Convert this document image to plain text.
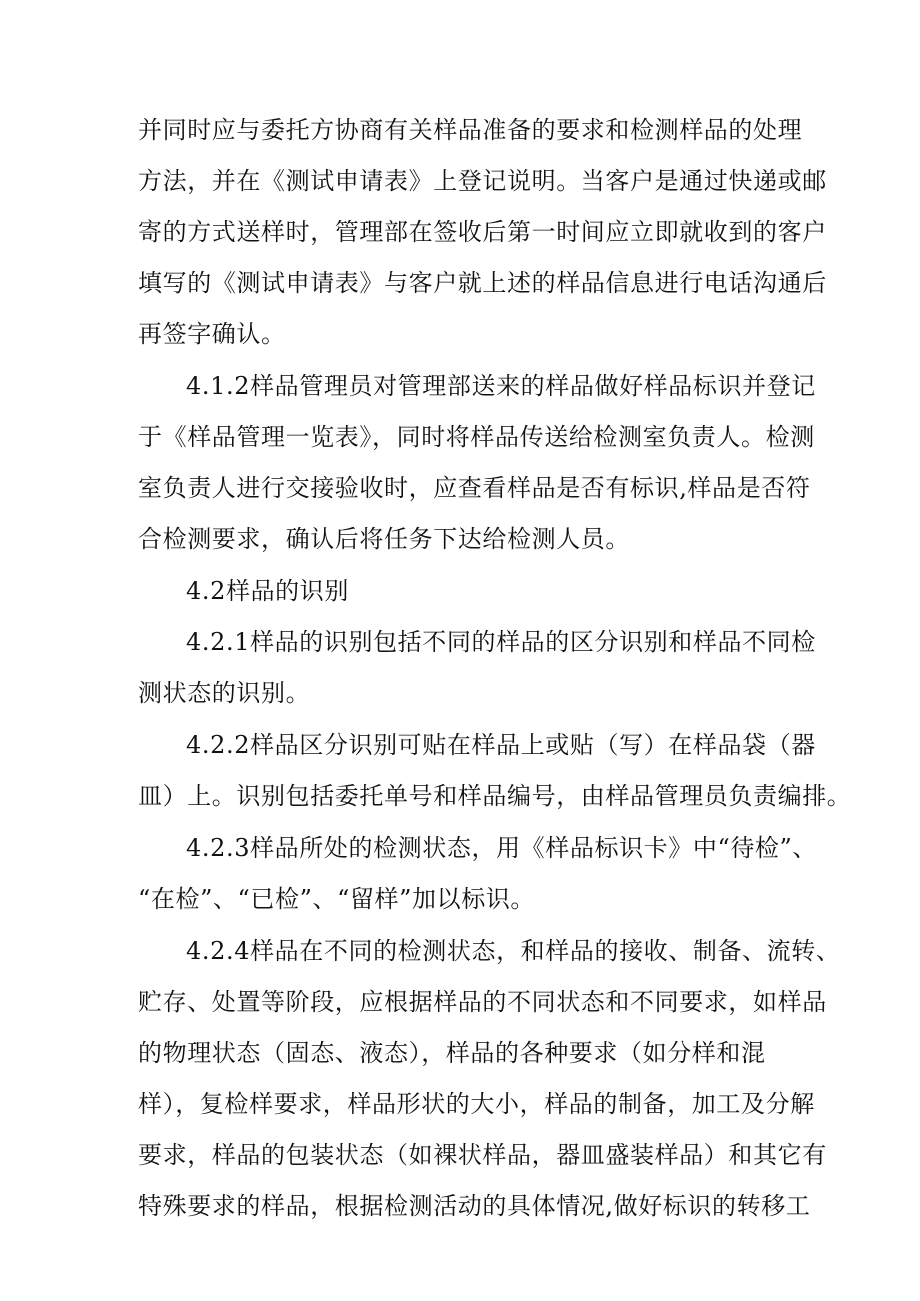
并同时应与委托方协商有关样品准备的要求和检测样品的处理
方法，并在《测试申请表》上登记说明。当客户是通过快递或邮
寄的方式送样时，管理部在签收后第一时间应立即就收到的客户
填写的《测试申请表》与客户就上述的样品信息进行电话沟通后
再签字确认。
4.1.2样品管理员对管理部送来的样品做好样品标识并登记
于《样品管理一览表》，同时将样品传送给检测室负责人。检测
室负责人进行交接验收时，应查看样品是否有标识,样品是否符
合检测要求，确认后将任务下达给检测人员。
4.2样品的识别
4.2.1样品的识别包括不同的样品的区分识别和样品不同检
测状态的识别。
4.2.2样品区分识别可贴在样品上或贴（写）在样品袋（器
皿）上。识别包括委托单号和样品编号，由样品管理员负责编排。
4.2.3样品所处的检测状态，用《样品标识卡》中“待检”、
“在检”、“已检”、“留样”加以标识。
4.2.4样品在不同的检测状态，和样品的接收、制备、流转、
贮存、处置等阶段，应根据样品的不同状态和不同要求，如样品
的物理状态（固态、液态），样品的各种要求（如分样和混
样），复检样要求，样品形状的大小，样品的制备，加工及分解
要求，样品的包装状态（如裸状样品，器皿盛装样品）和其它有
特殊要求的样品，根据检测活动的具体情况,做好标识的转移工
